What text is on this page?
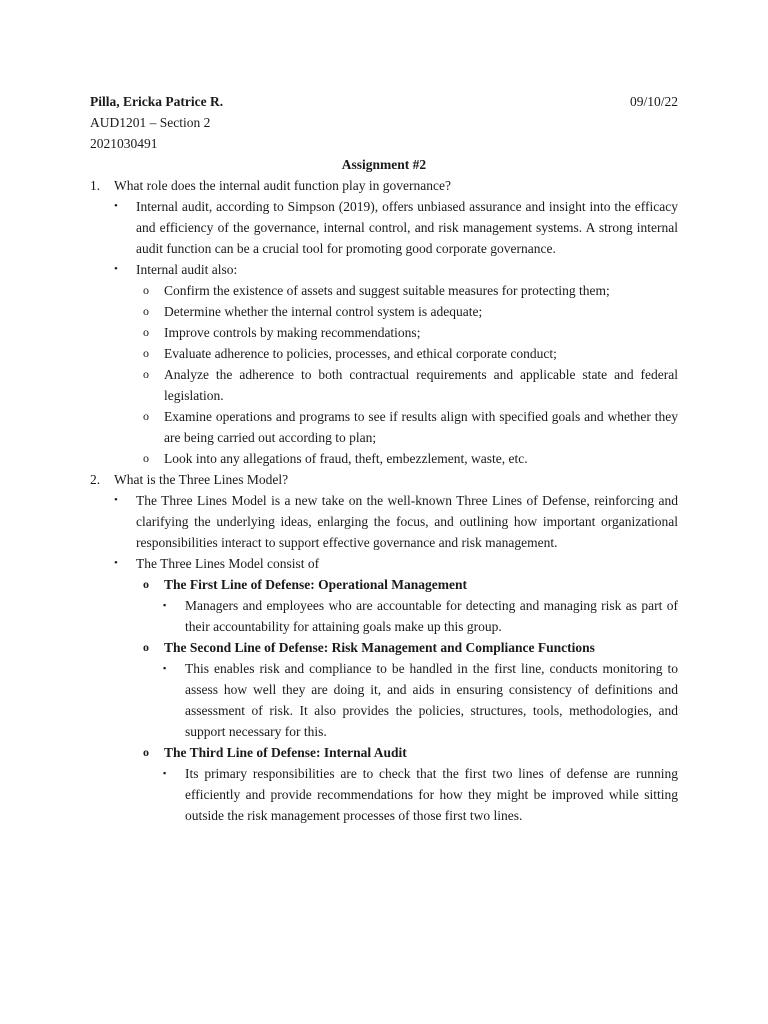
Pilla, Ericka Patrice R.	09/10/22
AUD1201 – Section 2
2021030491
Assignment #2
1.	What role does the internal audit function play in governance?
•	Internal audit, according to Simpson (2019), offers unbiased assurance and insight into the efficacy and efficiency of the governance, internal control, and risk management systems. A strong internal audit function can be a crucial tool for promoting good corporate governance.
•	Internal audit also:
o	Confirm the existence of assets and suggest suitable measures for protecting them;
o	Determine whether the internal control system is adequate;
o	Improve controls by making recommendations;
o	Evaluate adherence to policies, processes, and ethical corporate conduct;
o	Analyze the adherence to both contractual requirements and applicable state and federal legislation.
o	Examine operations and programs to see if results align with specified goals and whether they are being carried out according to plan;
o	Look into any allegations of fraud, theft, embezzlement, waste, etc.
2.	What is the Three Lines Model?
•	The Three Lines Model is a new take on the well-known Three Lines of Defense, reinforcing and clarifying the underlying ideas, enlarging the focus, and outlining how important organizational responsibilities interact to support effective governance and risk management.
•	The Three Lines Model consist of
o	The First Line of Defense: Operational Management
▪	Managers and employees who are accountable for detecting and managing risk as part of their accountability for attaining goals make up this group.
o	The Second Line of Defense: Risk Management and Compliance Functions
▪	This enables risk and compliance to be handled in the first line, conducts monitoring to assess how well they are doing it, and aids in ensuring consistency of definitions and assessment of risk. It also provides the policies, structures, tools, methodologies, and support necessary for this.
o	The Third Line of Defense: Internal Audit
▪	Its primary responsibilities are to check that the first two lines of defense are running efficiently and provide recommendations for how they might be improved while sitting outside the risk management processes of those first two lines.
